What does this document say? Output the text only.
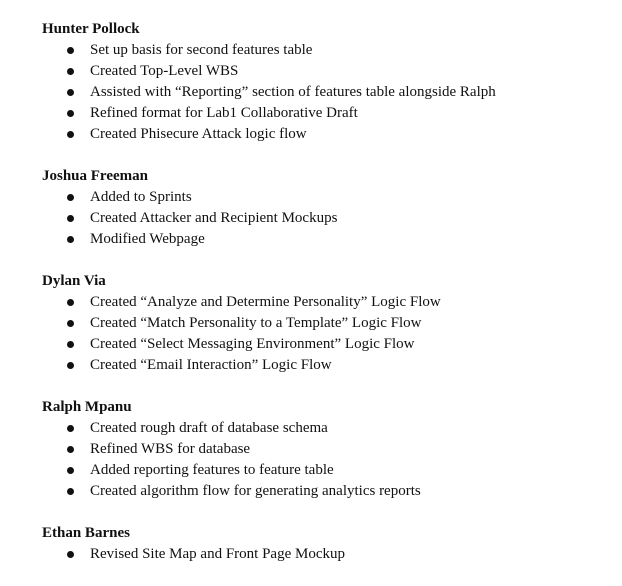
Hunter Pollock
Set up basis for second features table
Created Top-Level WBS
Assisted with “Reporting” section of features table alongside Ralph
Refined format for Lab1 Collaborative Draft
Created Phisecure Attack logic flow
Joshua Freeman
Added to Sprints
Created Attacker and Recipient Mockups
Modified Webpage
Dylan Via
Created “Analyze and Determine Personality” Logic Flow
Created “Match Personality to a Template” Logic Flow
Created “Select Messaging Environment” Logic Flow
Created “Email Interaction” Logic Flow
Ralph Mpanu
Created rough draft of database schema
Refined WBS for database
Added reporting features to feature table
Created algorithm flow for generating analytics reports
Ethan Barnes
Revised Site Map and Front Page Mockup
